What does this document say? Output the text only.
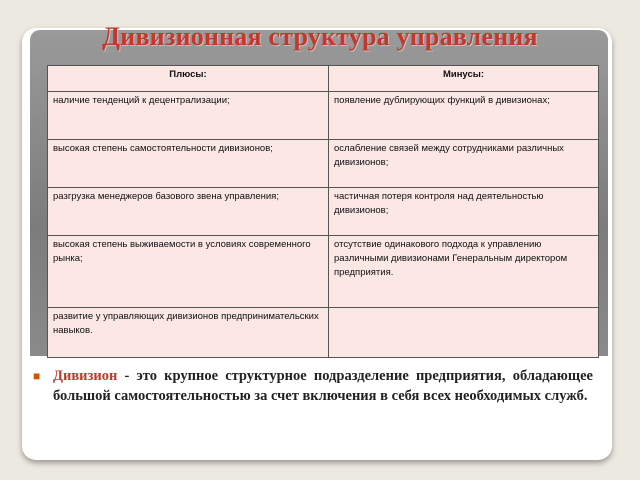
Дивизионная структура управления
Плюсы:	Минусы:
наличие тенденций к децентрализации;	появление дублирующих функций в дивизионах;
высокая степень самостоятельности дивизионов;	ослабление связей между сотрудниками различных дивизионов;
разгрузка менеджеров базового звена управления;	частичная потеря контроля над деятельностью дивизионов;
высокая степень выживаемости в условиях современного рынка;	отсутствие одинакового подхода к управлению различными дивизионами Генеральным директором предприятия.
развитие у управляющих дивизионов предпринимательских навыков.	
■ Дивизион - это крупное структурное подразделение предприятия, обладающее большой самостоятельностью за счет включения в себя всех необходимых служб.
